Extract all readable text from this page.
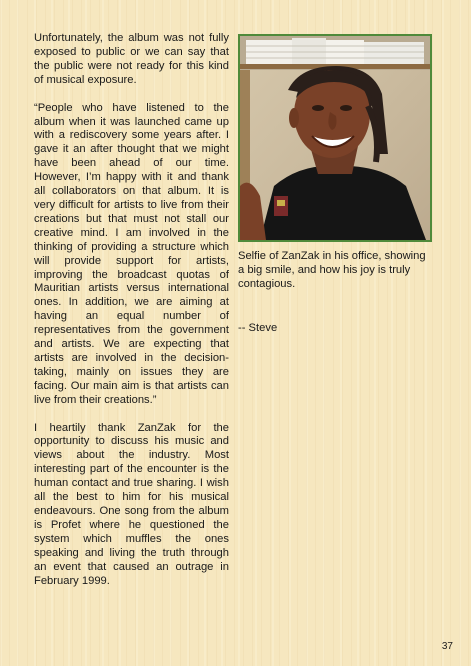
Unfortunately, the album was not fully exposed to public or we can say that the public were not ready for this kind of musical exposure.

“People who have listened to the album when it was launched came up with a rediscovery some years after. I gave it an after thought that we might have been ahead of our time. However, I’m happy with it and thank all collaborators on that album. It is very difficult for artists to live from their creations but that must not stall our creative mind. I am involved in the thinking of providing a structure which will provide support for artists, improving the broadcast quotas of Mauritian artists versus international ones. In addition, we are aiming at having an equal number of representatives from the government and artists. We are expecting that artists are involved in the decision-taking, mainly on issues they are facing. Our main aim is that artists can live from their creations.”

I heartily thank ZanZak for the opportunity to discuss his music and views about the industry. Most interesting part of the encounter is the human contact and true sharing. I wish all the best to him for his musical endeavours. One song from the album is Profet where he questioned the system which muffles the ones speaking and living the truth through an event that caused an outrage in February 1999.

Selfie of ZanZak in his office, showing a big smile, and how his joy is truly contagious.

-- Steve

37
